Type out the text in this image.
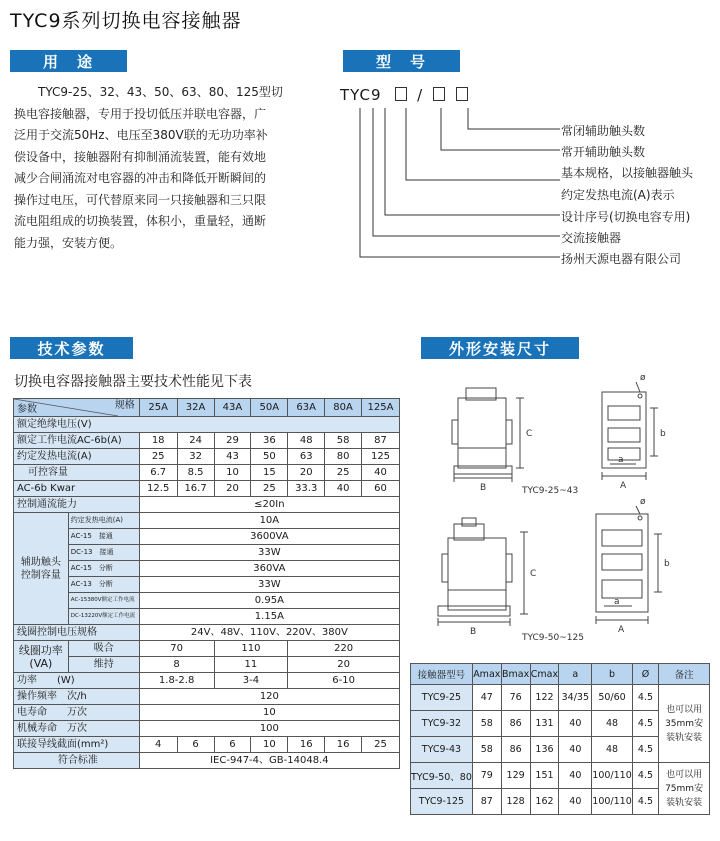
TYC9系列切换电容接触器
用　途	型　号
技术参数	外形安装尺寸

TYC9-25、32、43、50、63、80、125型切

换电容接触器，专用于投切低压并联电容器，广

泛用于交流50Hz、电压至380V联的无功功率补

偿设备中，接触器附有抑制涌流装置，能有效地

减少合闸涌流对电容器的冲击和降低开断瞬间的

操作过电压，可代替原来同一只接触器和三只限

流电阻组成的切换装置，体积小，重量轻，通断

能力强，安装方便。

TYC9 /
常闭辅助触头数
常开辅助触头数
基本规格，以接触器触头
约定发热电流(A)表示
设计序号(切换电容专用)
交流接触器
扬州天源电器有限公司
切换电容器接触器主要技术性能见下表
规格
参数		25A	32A	43A	50A	63A	80A	125A
额定绝缘电压(V)								
额定工作电流AC-6b(A)		18	24	29	36	48	58	87
约定发热电流(A)		25	32	43	50	63	80	125
可控容量		6.7	8.5	10	15	20	25	40
AC-6b Kwar		12.5	16.7	20	25	33.3	40	60
控制通流能力		≤20In						

辅助触头
控制容量	约定发热电流(A)	10A						
	AC-15　接通	3600VA						
	DC-13　接通	33W						
	AC-15　分断	360VA						
	AC-13　分断	33W						
	AC-15380V额定工作电流	0.95A						
	DC-13220V额定工作电流	1.15A						
线圈控制电压规格		24V、48V、110V、220V、380V						

线圈功率
(VA)	吸合	70		110		220		
	维持	8		11		20		
功率　　(W)		1.8-2.8		3-4		6-10		
操作频率　次/h		120						
电寿命　　万次		10						
机械寿命　万次		100						
联接导线截面(mm²)		4	6	6	10	16	16	25
符合标准		IEC-947-4、GB-14048.4						
C
B
a
b
A
ø
C
B
a
b
A
ø
TYC9-25~43
TYC9-50~125
接触器型号	Amax	Bmax	Cmax	a	b	Ø	备注
TYC9-25	47	76	122	34/35	50/60	4.5	也可以用
35mm安
装轨安装

TYC9-32	58	86	131	40	48	4.5	
TYC9-43	58	86	136	40	48	4.5	
TYC9-50、80	79	129	151	40	100/110	4.5	也可以用
75mm安
装轨安装

TYC9-125	87	128	162	40	100/110	4.5	
